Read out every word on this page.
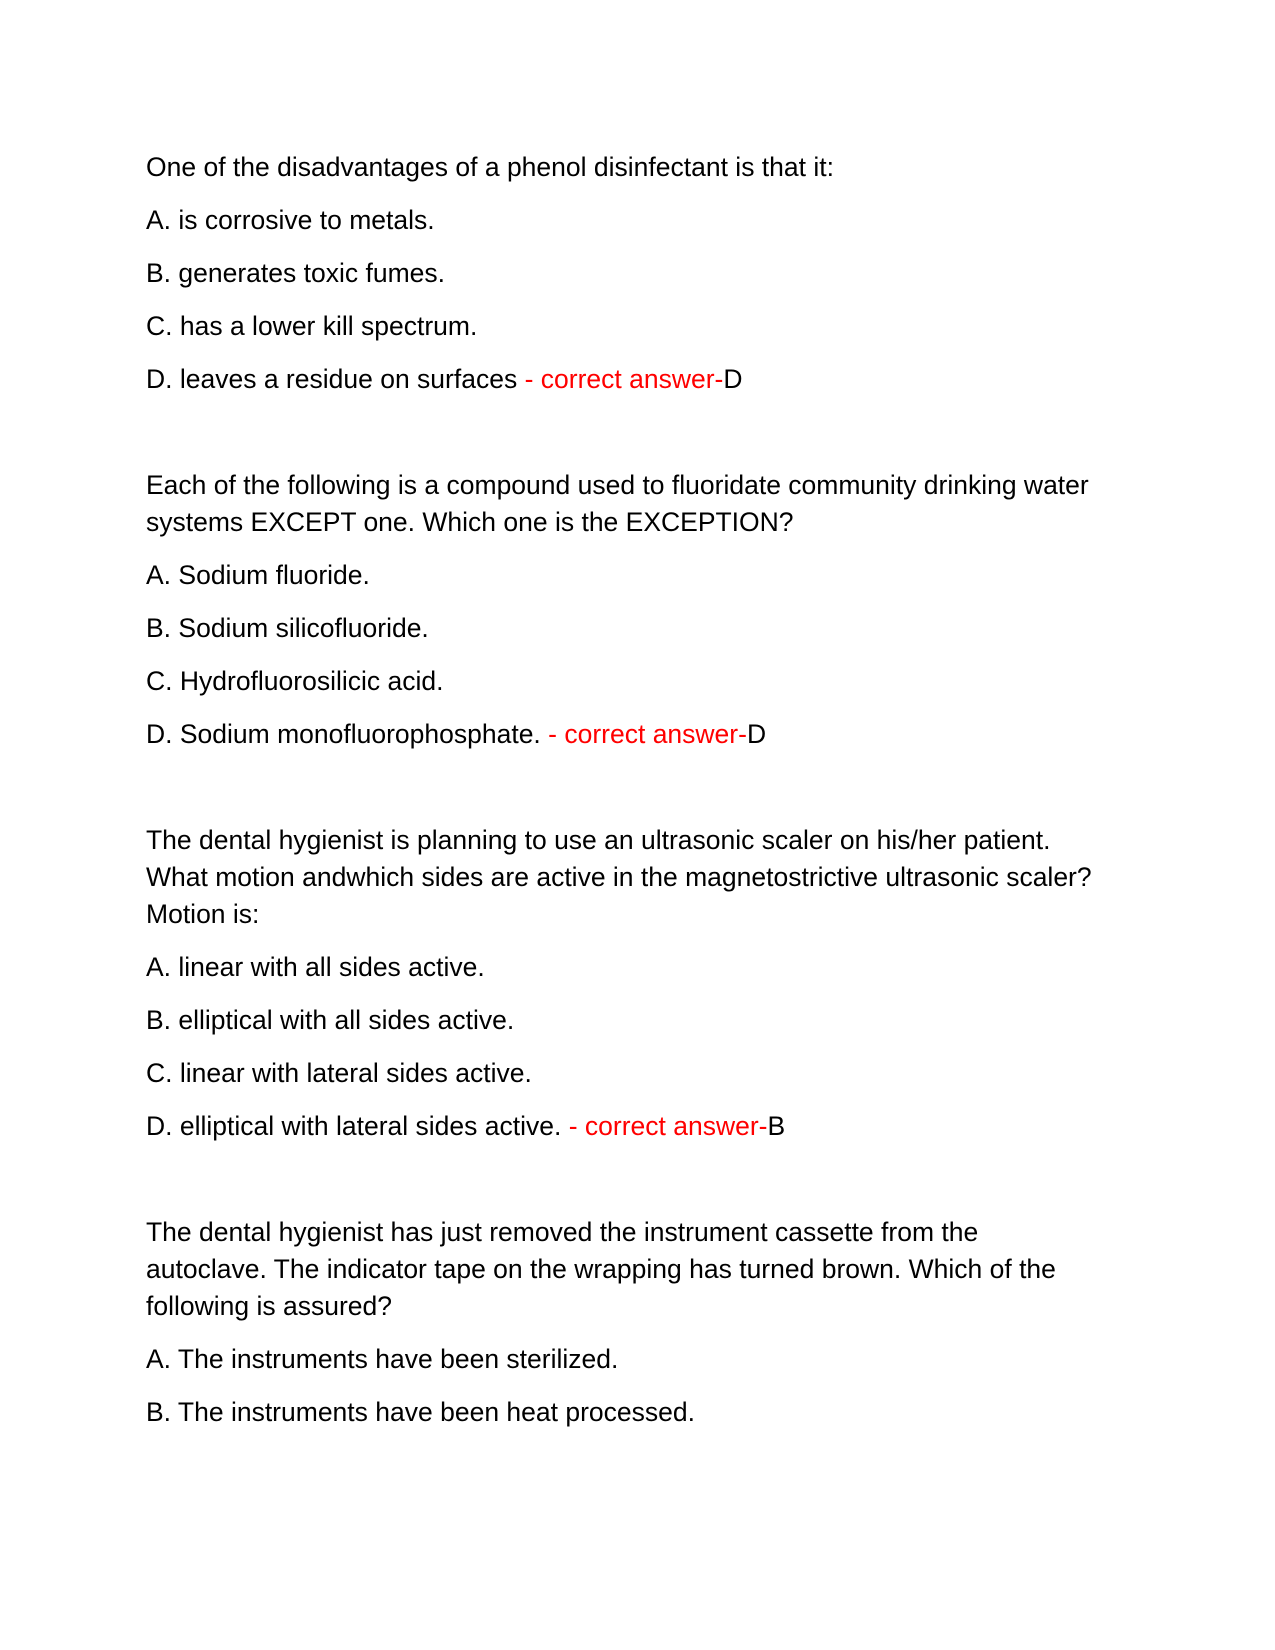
One of the disadvantages of a phenol disinfectant is that it:

A. is corrosive to metals.

B. generates toxic fumes.

C. has a lower kill spectrum.

D. leaves a residue on surfaces - correct answer-D

Each of the following is a compound used to fluoridate community drinking water
systems EXCEPT one. Which one is the EXCEPTION?

A. Sodium fluoride.

B. Sodium silicofluoride.

C. Hydrofluorosilicic acid.

D. Sodium monofluorophosphate. - correct answer-D

The dental hygienist is planning to use an ultrasonic scaler on his/her patient.
What motion andwhich sides are active in the magnetostrictive ultrasonic scaler?
Motion is:

A. linear with all sides active.

B. elliptical with all sides active.

C. linear with lateral sides active.

D. elliptical with lateral sides active. - correct answer-B

The dental hygienist has just removed the instrument cassette from the
autoclave. The indicator tape on the wrapping has turned brown. Which of the
following is assured?

A. The instruments have been sterilized.

B. The instruments have been heat processed.
